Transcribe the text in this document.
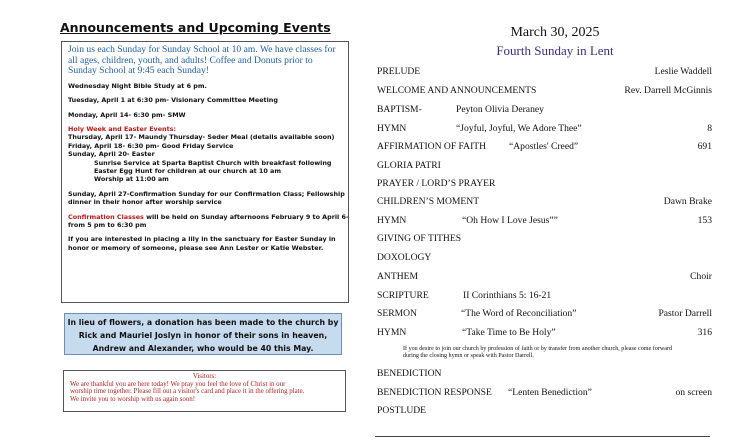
Announcements and Upcoming Events
Join us each Sunday for Sunday School at 10 am. We have classes for all ages, children, youth, and adults! Coffee and Donuts prior to Sunday School at 9:45 each Sunday!
Wednesday Night Bible Study at 6 pm.
Tuesday, April 1 at 6:30 pm- Visionary Committee Meeting
Monday, April 14- 6:30 pm- SMW
Holy Week and Easter Events:
Thursday, April 17- Maundy Thursday- Seder Meal (details available soon)
Friday, April 18- 6:30 pm- Good Friday Service
Sunday, April 20- Easter
Sunrise Service at Sparta Baptist Church with breakfast following
Easter Egg Hunt for children at our church at 10 am
Worship at 11:00 am
Sunday, April 27-Confirmation Sunday for our Confirmation Class; Fellowship
dinner in their honor after worship service
Confirmation Classes will be held on Sunday afternoons February 9 to April 6-
from 5 pm to 6:30 pm
If you are interested in placing a lily in the sanctuary for Easter Sunday in
honor or memory of someone, please see Ann Lester or Katie Webster.
In lieu of flowers, a donation has been made to the church by
Rick and Mauriel Joslyn in honor of their sons in heaven,
Andrew and Alexander, who would be 40 this May.
Visitors:
We are thankful you are here today! We pray you feel the love of Christ in our
worship time together. Please fill out a visitor's card and place it in the offering plate.
We invite you to worship with us again soon!
March 30, 2025
Fourth Sunday in Lent
PRELUDE	Leslie Waddell
WELCOME AND ANNOUNCEMENTS	Rev. Darrell McGinnis
BAPTISM-	Peyton Olivia Deraney
HYMN	“Joyful, Joyful, We Adore Thee”	8
AFFIRMATION OF FAITH “Apostles' Creed”	691
GLORIA PATRI
PRAYER / LORD’S PRAYER
CHILDREN’S MOMENT	Dawn Brake
HYMN	“Oh How I Love Jesus””	153
GIVING OF TITHES
DOXOLOGY
ANTHEM	Choir
SCRIPTURE	II Corinthians 5: 16-21
SERMON	“The Word of Reconciliation”	Pastor Darrell
HYMN	“Take Time to Be Holy”	316
If you desire to join our church by profession of faith or by transfer from another church, please come forward
during the closing hymn or speak with Pastor Darrell.
BENEDICTION
BENEDICTION RESPONSE “Lenten Benediction”	on screen
POSTLUDE
